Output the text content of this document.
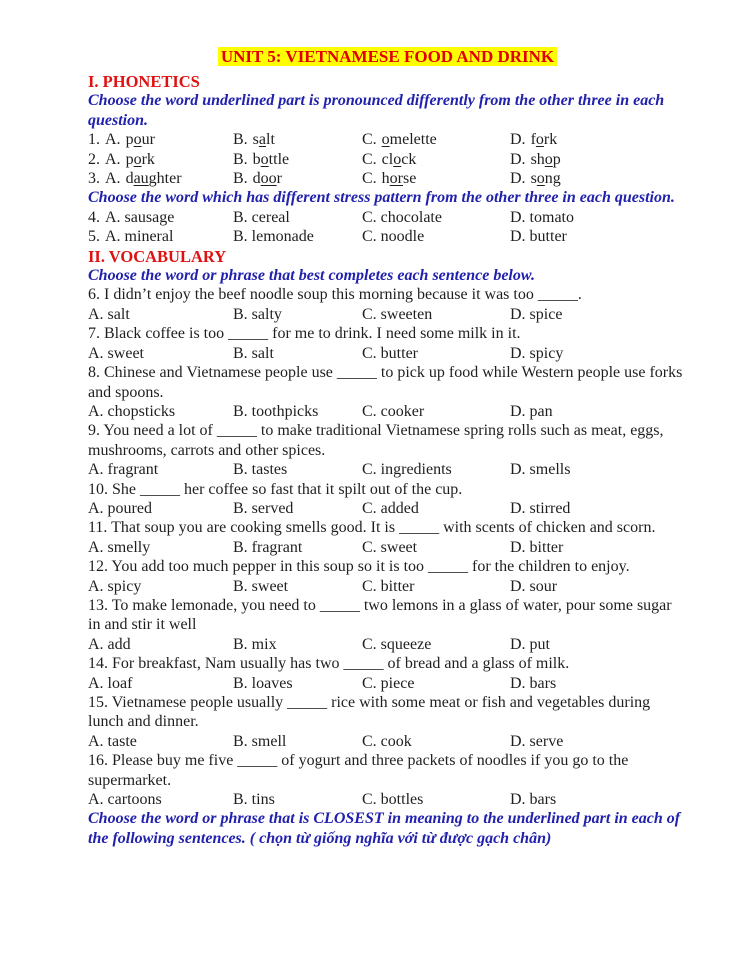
UNIT 5: VIETNAMESE FOOD AND DRINK
I. PHONETICS
Choose the word underlined part is pronounced differently from the other three in each question.
1. A. pour	B. salt	C. omelette	D. fork
2. A. pork	B. bottle	C. clock	D. shop
3. A. daughter	B. door	C. horse	D. song
Choose the word which has different stress pattern from the other three in each question.
4. A. sausage	B. cereal	C. chocolate	D. tomato
5. A. mineral	B. lemonade	C. noodle	D. butter
II. VOCABULARY
Choose the word or phrase that best completes each sentence below.
6. I didn’t enjoy the beef noodle soup this morning because it was too _____.
A. salt	B. salty	C. sweeten	D. spice
7. Black coffee is too _____ for me to drink. I need some milk in it.
A. sweet	B. salt	C. butter	D. spicy
8. Chinese and Vietnamese people use _____ to pick up food while Western people use forks and spoons.
A. chopsticks	B. toothpicks	C. cooker	D. pan
9. You need a lot of _____ to make traditional Vietnamese spring rolls such as meat, eggs, mushrooms, carrots and other spices.
A. fragrant	B. tastes	C. ingredients	D. smells
10. She _____ her coffee so fast that it spilt out of the cup.
A. poured	B. served	C. added	D. stirred
11. That soup you are cooking smells good. It is _____ with scents of chicken and scorn.
A. smelly	B. fragrant	C. sweet	D. bitter
12. You add too much pepper in this soup so it is too _____ for the children to enjoy.
A. spicy	B. sweet	C. bitter	D. sour
13. To make lemonade, you need to _____ two lemons in a glass of water, pour some sugar in and stir it well
A. add	B. mix	C. squeeze	D. put
14. For breakfast, Nam usually has two _____ of bread and a glass of milk.
A. loaf	B. loaves	C. piece	D. bars
15. Vietnamese people usually _____ rice with some meat or fish and vegetables during lunch and dinner.
A. taste	B. smell	C. cook	D. serve
16. Please buy me five _____ of yogurt and three packets of noodles if you go to the supermarket.
A. cartoons	B. tins	C. bottles	D. bars
Choose the word or phrase that is CLOSEST in meaning to the underlined part in each of the following sentences. ( chọn từ giống nghĩa với từ được gạch chân)
